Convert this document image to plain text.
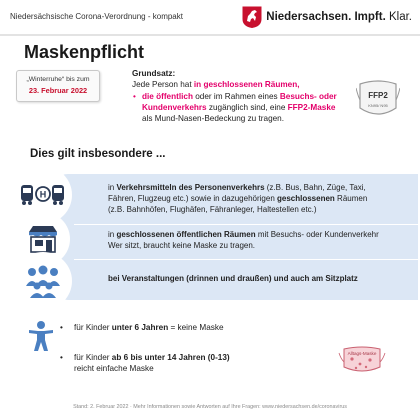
Niedersächsische Corona-Verordnung - kompakt	Niedersachsen. Impft. Klar.
Maskenpflicht
„Winterruhe“ bis zum
23. Februar 2022
Grundsatz:
Jede Person hat in geschlossenen Räumen,
• die öffentlich oder im Rahmen eines Besuchs- oder
Kundenverkehrs zugänglich sind, eine FFP2-Maske
als Mund-Nasen-Bedeckung zu tragen.
FFP2
KN95/ N95
Dies gilt insbesondere ...
H
in Verkehrsmitteln des Personenverkehrs (z.B. Bus, Bahn, Züge, Taxi,
Fähren, Flugzeug etc.) sowie in dazugehörigen geschlossenen Räumen
(z.B. Bahnhöfen, Flughäfen, Fähranleger, Haltestellen etc.)
in geschlossenen öffentlichen Räumen mit Besuchs- oder Kundenverkehr
Wer sitzt, braucht keine Maske zu tragen.
bei Veranstaltungen (drinnen und draußen) und auch am Sitzplatz
• für Kinder unter 6 Jahren = keine Maske
• für Kinder ab 6 bis unter 14 Jahren (0-13)
reicht einfache Maske
Alltags-Maske
Stand: 2. Februar 2022 · Mehr Informationen sowie Antworten auf Ihre Fragen: www.niedersachsen.de/coronavirus
